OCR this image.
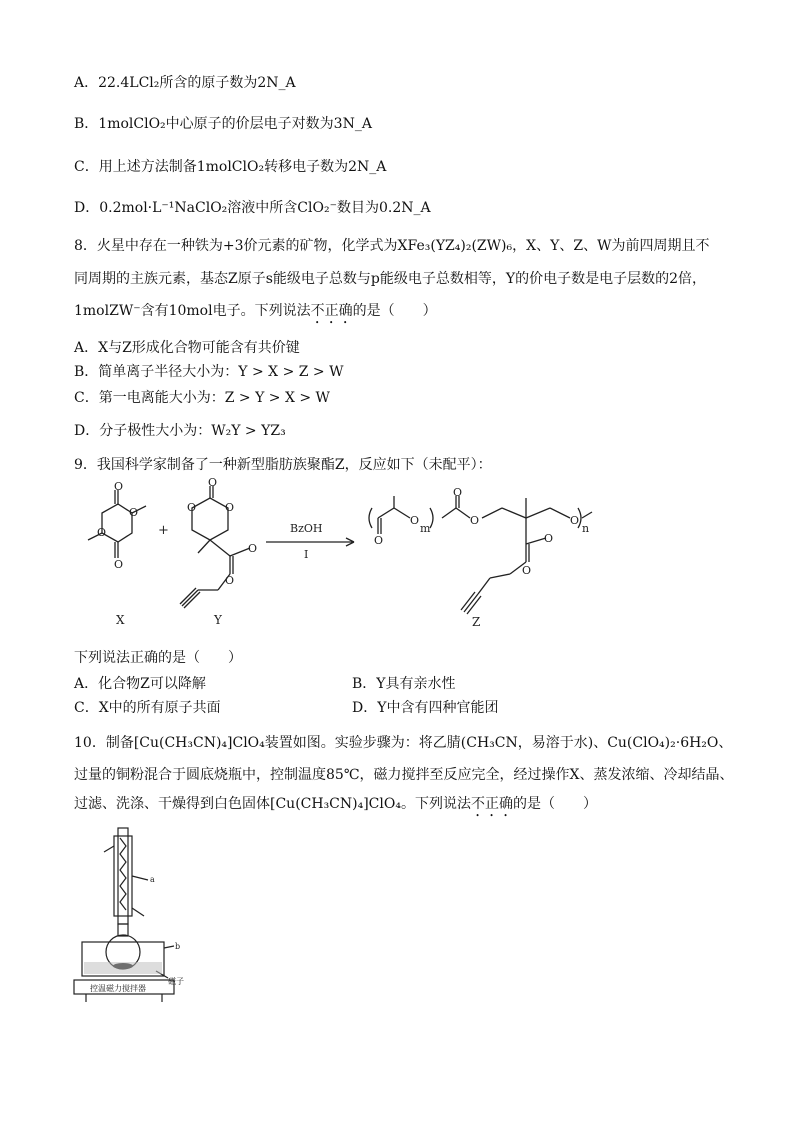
A．22.4LCl₂所含的原子数为2N_A
B．1molClO₂中心原子的价层电子对数为3N_A
C．用上述方法制备1molClO₂转移电子数为2N_A
D．0.2mol·L⁻¹NaClO₂溶液中所含ClO₂⁻数目为0.2N_A
8．火星中存在一种铁为+3价元素的矿物，化学式为XFe₃(YZ₄)₂(ZW)₆，X、Y、Z、W为前四周期且不
同周期的主族元素，基态Z原子s能级电子总数与p能级电子总数相等，Y的价电子数是电子层数的2倍，
1molZW⁻含有10mol电子。下列说法不正确的是（　　）
A．X与Z形成化合物可能含有共价键
B．简单离子半径大小为：Y > X > Z > W
C．第一电离能大小为：Z > Y > X > W
D．分子极性大小为：W₂Y > YZ₃
9．我国科学家制备了一种新型脂肪族聚酯Z，反应如下（未配平）：
O
O
O
O
O
O	O
O
O
BzOH
I
+
O
O
O
O	O
O
O
m	n
X	Y	Z
下列说法正确的是（　　）
A．化合物Z可以降解	B．Y具有亲水性
C．X中的所有原子共面	D．Y中含有四种官能团
10．制备[Cu(CH₃CN)₄]ClO₄装置如图。实验步骤为：将乙腈(CH₃CN，易溶于水)、Cu(ClO₄)₂·6H₂O、
过量的铜粉混合于圆底烧瓶中，控制温度85℃，磁力搅拌至反应完全，经过操作X、蒸发浓缩、冷却结晶、
过滤、洗涤、干燥得到白色固体[Cu(CH₃CN)₄]ClO₄。下列说法不正确的是（　　）
a
b
磁子
控温磁力搅拌器
